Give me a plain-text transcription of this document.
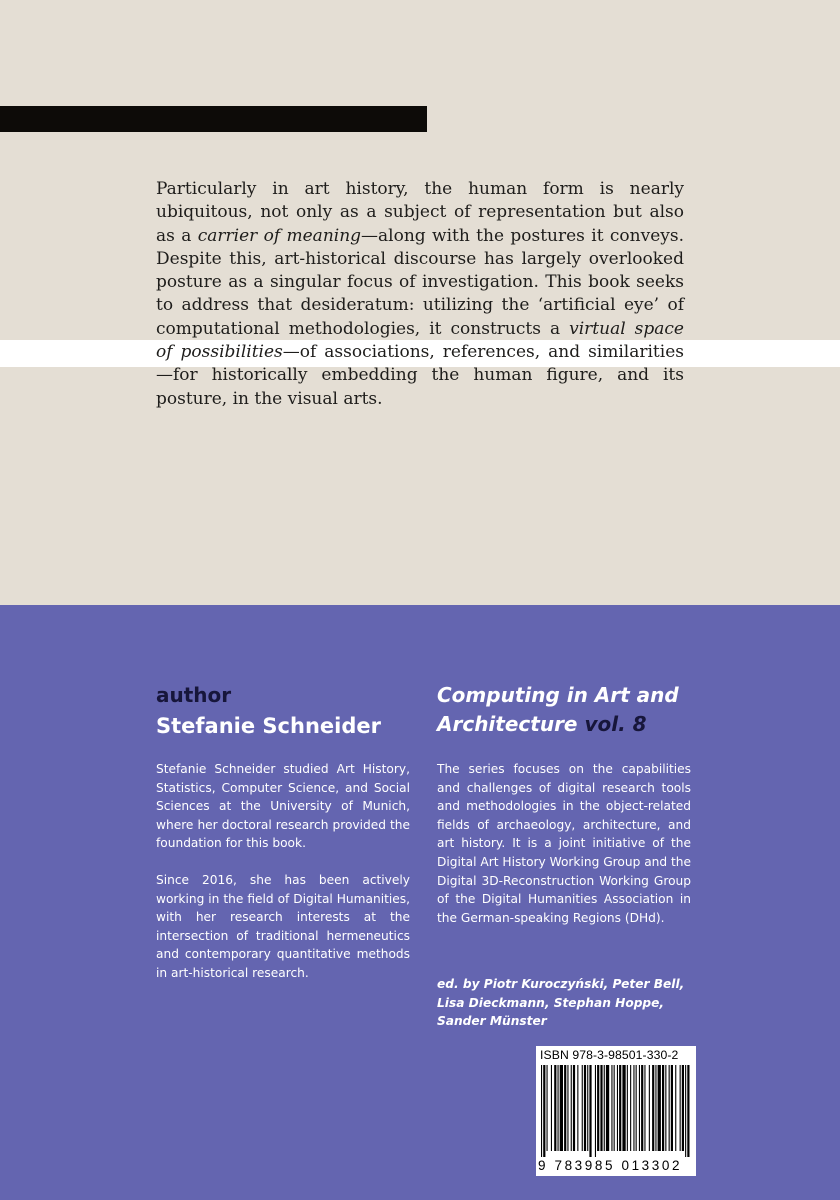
Particularly in art history, the human form is nearly ubiquitous, not only as a subject of representation but also as a carrier of meaning—along with the postures it conveys. Despite this, art-historical discourse has largely overlooked posture as a singular focus of investigation. This book seeks to address that desideratum: utilizing the ‘artificial eye’ of computational methodologies, it constructs a virtual space of possibilities—of associations, references, and similarities—for historically embedding the human figure, and its posture, in the visual arts.

author
Stefanie Schneider
Computing in Art and Architecture vol. 8

Stefanie Schneider studied Art History, Statistics, Computer Science, and Social Sciences at the University of Munich, where her doctoral research provided the foundation for this book.

Since 2016, she has been actively working in the field of Digital Humanities, with her research interests at the intersection of traditional hermeneutics and contemporary quantitative methods in art-historical research.

The series focuses on the capabilities and challenges of digital research tools and methodologies in the object-related fields of archaeology, architecture, and art history. It is a joint initiative of the Digital Art History Working Group and the Digital 3D-Reconstruction Working Group of the Digital Humanities Association in the German-speaking Regions (DHd).

ed. by Piotr Kuroczyński, Peter Bell, Lisa Dieckmann, Stephan Hoppe, Sander Münster
ISBN 978-3-98501-330-2
9 783985 013302
